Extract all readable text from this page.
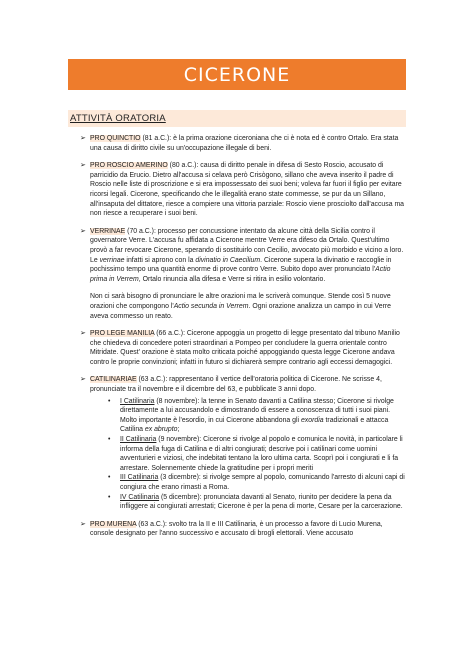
CICERONE
ATTIVITÀ ORATORIA
➢ PRO QUINCTIO (81 a.C.): è la prima orazione ciceroniana che ci è nota ed è contro Ortalo. Era stata una causa di diritto civile su un'occupazione illegale di beni.
➢ PRO ROSCIO AMERINO (80 a.C.): causa di diritto penale in difesa di Sesto Roscio, accusato di parricidio da Erucio. Dietro all'accusa si celava però Crisògono, sillano che aveva inserito il padre di Roscio nelle liste di proscrizione e si era impossessato dei suoi beni; voleva far fuori il figlio per evitare ricorsi legali. Cicerone, specificando che le illegalità erano state commesse, se pur da un Sillano, all'insaputa del dittatore, riesce a compiere una vittoria parziale: Roscio viene prosciolto dall'accusa ma non riesce a recuperare i suoi beni.
➢ VERRINAE (70 a.C.): processo per concussione intentato da alcune città della Sicilia contro il governatore Verre. L'accusa fu affidata a Cicerone mentre Verre era difeso da Ortalo. Quest'ultimo provò a far revocare Cicerone, sperando di sostituirlo con Cecilio, avvocato più morbido e vicino a loro. Le verrinae infatti si aprono con la divinatio in Caecilium. Cicerone supera la divinatio e raccoglie in pochissimo tempo una quantità enorme di prove contro Verre. Subito dopo aver pronunciato l'Actio prima in Verrem, Ortalo rinuncia alla difesa e Verre si ritira in esilio volontario.
Non ci sarà bisogno di pronunciare le altre orazioni ma le scriverà comunque. Stende così 5 nuove orazioni che compongono l'Actio secunda in Verrem. Ogni orazione analizza un campo in cui Verre aveva commesso un reato.
➢ PRO LEGE MANILIA (66 a.C.): Cicerone appoggia un progetto di legge presentato dal tribuno Manilio che chiedeva di concedere poteri straordinari a Pompeo per concludere la guerra orientale contro Mitridate. Quest' orazione è stata molto criticata poiché appoggiando questa legge Cicerone andava contro le proprie convinzioni; infatti in futuro si dichiarerà sempre contrario agli eccessi demagogici.
➢ CATILINARIAE (63 a.C.): rappresentano il vertice dell'oratoria politica di Cicerone. Ne scrisse 4, pronunciate tra il novembre e il dicembre del 63, e pubblicate 3 anni dopo.
• I Catilinaria (8 novembre): la tenne in Senato davanti a Catilina stesso; Cicerone si rivolge direttamente a lui accusandolo e dimostrando di essere a conoscenza di tutti i suoi piani. Molto importante è l'esordio, in cui Cicerone abbandona gli exordia tradizionali e attacca Catilina ex abrupto;
• II Catilinaria (9 novembre): Cicerone si rivolge al popolo e comunica le novità, in particolare li informa della fuga di Catilina e di altri congiurati; descrive poi i catilinari come uomini avventurieri e viziosi, che indebitati tentano la loro ultima carta. Scoprì poi i congiurati e li fa arrestare. Solennemente chiede la gratitudine per i propri meriti
• III Catilinaria (3 dicembre): si rivolge sempre al popolo, comunicando l'arresto di alcuni capi di congiura che erano rimasti a Roma.
• IV Catilinaria (5 dicembre): pronunciata davanti al Senato, riunito per decidere la pena da infliggere ai congiurati arrestati; Cicerone è per la pena di morte, Cesare per la carcerazione.
➢ PRO MURENA (63 a.C.): svolto tra la II e III Catilinaria, è un processo a favore di Lucio Murena, console designato per l'anno successivo e accusato di brogli elettorali. Viene accusato
